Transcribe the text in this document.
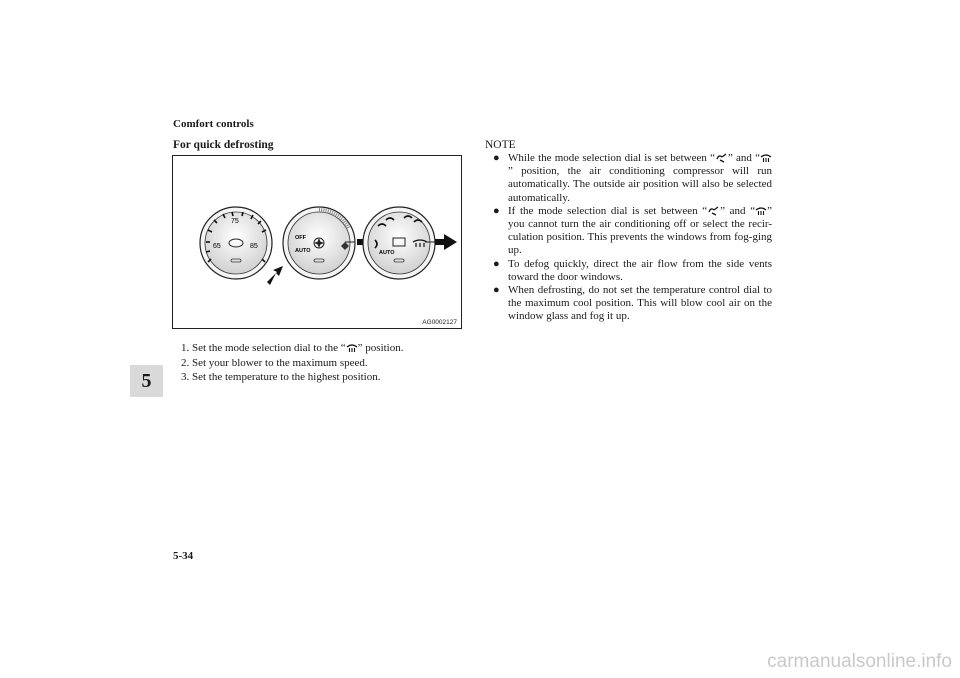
Comfort controls
5
For quick defrosting
65
75
85
OFF
AUTO	AUTO
AG0002127
1. Set the mode selection dial to the “ ” position.
2. Set your blower to the maximum speed.
3. Set the temperature to the highest position.
NOTE
● While the mode selection dial is set between “ ” and “” position, the air conditioning compressor will run automatically. The outside air position will also be selected automatically.
● If the mode selection dial is set between “ ” and “ ” you cannot turn the air conditioning off or select the recir-culation position. This prevents the windows from fog-ging up.
● To defog quickly, direct the air flow from the side vents toward the door windows.
● When defrosting, do not set the temperature control dial to the maximum cool position. This will blow cool air on the window glass and fog it up.
5-34
carmanualsonline.info
